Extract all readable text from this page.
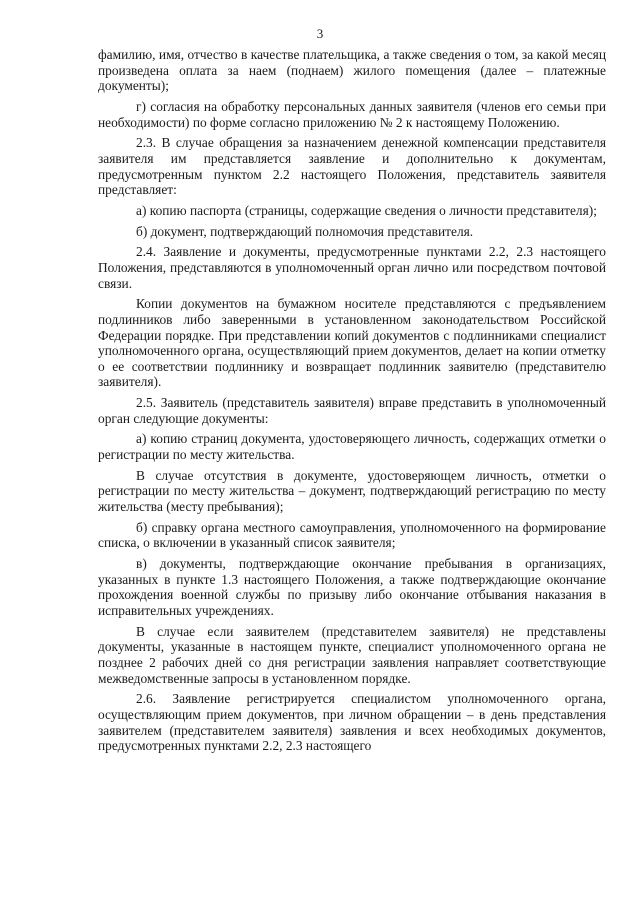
3

фамилию, имя, отчество в качестве плательщика, а также сведения о том, за какой месяц произведена оплата за наем (поднаем) жилого помещения (далее – платежные документы);

г) согласия на обработку персональных данных заявителя (членов его семьи при необходимости) по форме согласно приложению № 2 к настоящему Положению.

2.3. В случае обращения за назначением денежной компенсации представителя заявителя им представляется заявление и дополнительно к документам, предусмотренным пунктом 2.2 настоящего Положения, представитель заявителя представляет:

а) копию паспорта (страницы, содержащие сведения о личности представителя);

б) документ, подтверждающий полномочия представителя.

2.4. Заявление и документы, предусмотренные пунктами 2.2, 2.3 настоящего Положения, представляются в уполномоченный орган лично или посредством почтовой связи.

Копии документов на бумажном носителе представляются с предъявлением подлинников либо заверенными в установленном законодательством Российской Федерации порядке. При представлении копий документов с подлинниками специалист уполномоченного органа, осуществляющий прием документов, делает на копии отметку о ее соответствии подлиннику и возвращает подлинник заявителю (представителю заявителя).

2.5. Заявитель (представитель заявителя) вправе представить в уполномоченный орган следующие документы:

а) копию страниц документа, удостоверяющего личность, содержащих отметки о регистрации по месту жительства.

В случае отсутствия в документе, удостоверяющем личность, отметки о регистрации по месту жительства – документ, подтверждающий регистрацию по месту жительства (месту пребывания);

б) справку органа местного самоуправления, уполномоченного на формирование списка, о включении в указанный список заявителя;

в) документы, подтверждающие окончание пребывания в организациях, указанных в пункте 1.3 настоящего Положения, а также подтверждающие окончание прохождения военной службы по призыву либо окончание отбывания наказания в исправительных учреждениях.

В случае если заявителем (представителем заявителя) не представлены документы, указанные в настоящем пункте, специалист уполномоченного органа не позднее 2 рабочих дней со дня регистрации заявления направляет соответствующие межведомственные запросы в установленном порядке.

2.6. Заявление регистрируется специалистом уполномоченного органа, осуществляющим прием документов, при личном обращении – в день представления заявителем (представителем заявителя) заявления и всех необходимых документов, предусмотренных пунктами 2.2, 2.3 настоящего
